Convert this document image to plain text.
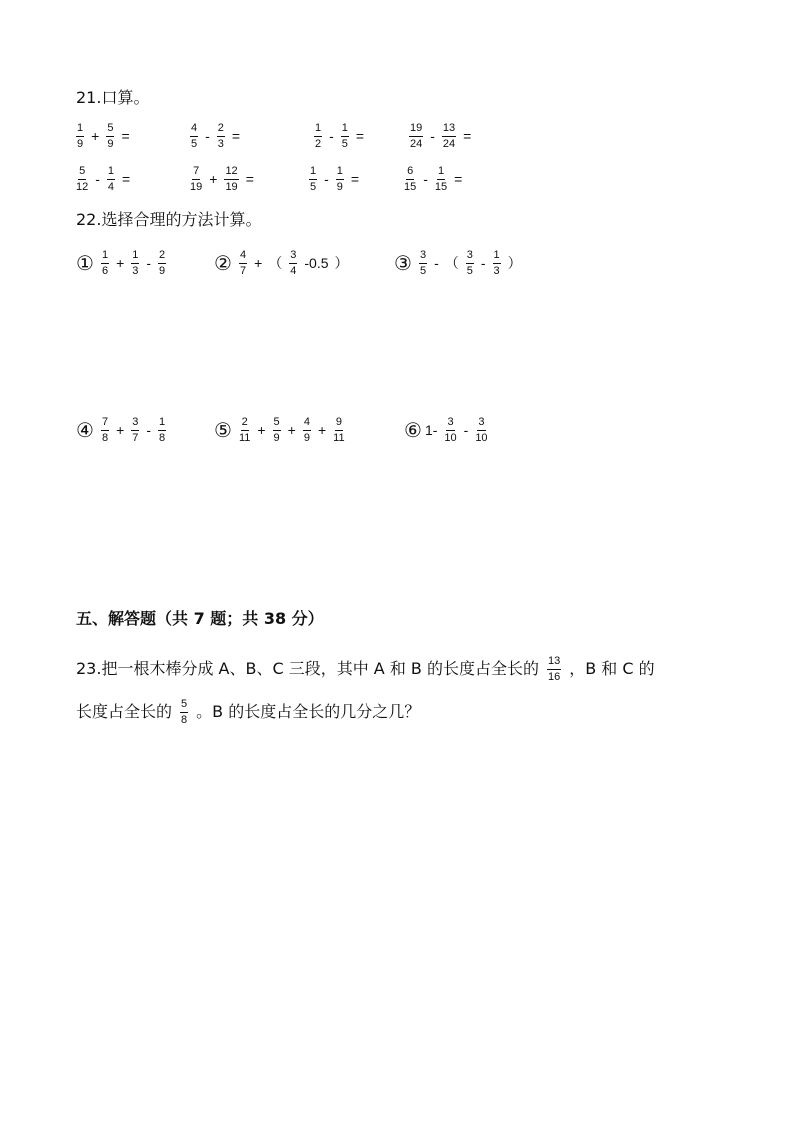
21.口算。
$\frac{1}{9} + \frac{5}{9}$ =	$\frac{4}{5} - \frac{2}{3}$ =	$\frac{1}{2} - \frac{1}{5}$ =	$\frac{19}{24} - \frac{13}{24}$ =
$\frac{5}{12} - \frac{1}{4}$ =	$\frac{7}{19} + \frac{12}{19}$ =	$\frac{1}{5} - \frac{1}{9}$ =	$\frac{6}{15} - \frac{1}{15}$ =
22.选择合理的方法计算。
① $\frac{1}{6} + \frac{1}{3} - \frac{2}{9}$ ② $\frac{4}{7}$ + （ $\frac{3}{4} -0.5$ ） ③ $\frac{3}{5}$ - （ $\frac{3}{5} - \frac{1}{3}$ ）
④ $\frac{7}{8} + \frac{3}{7} - \frac{1}{8}$ ⑤ $\frac{2}{11} + \frac{5}{9} + \frac{4}{9} + \frac{9}{11}$	⑥ $1- \frac{3}{10} - \frac{3}{10}$
五、解答题（共 7 题；共 38 分）
23.把一根木棒分成 A、B、C 三段，其中 A 和 B 的长度占全长的 $\frac{13}{16}$ ，B 和 C 的
长度占全长的 $\frac{5}{8}$ 。B 的长度占全长的几分之几？
